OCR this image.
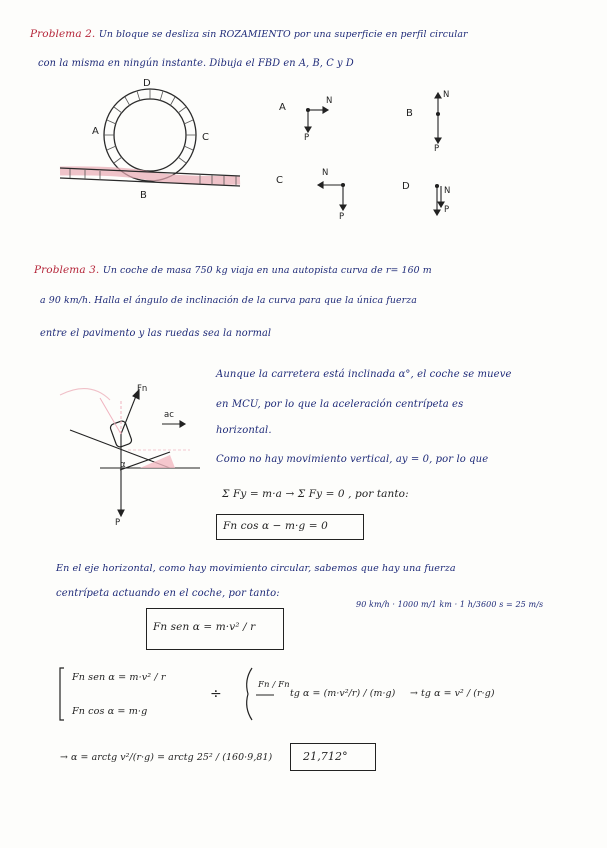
Problema 2. Un bloque se desliza sin ROZAMIENTO por una superficie en perfil circular
con la misma en ningún instante. Dibuja el FBD en A, B, C y D
D
A
C
B
A
N
P
B
N
P
C
N
P
D	N
P
Problema 3. Un coche de masa 750 kg viaja en una autopista curva de r= 160 m
a 90 km/h. Halla el ángulo de inclinación de la curva para que la única fuerza
entre el pavimento y las ruedas sea la normal
Fn
ac
α
P
Aunque la carretera está inclinada α°, el coche se mueve
en MCU, por lo que la aceleración centrípeta es
horizontal.
Como no hay movimiento vertical, ay = 0, por lo que
Σ Fy = m·a → Σ Fy = 0 , por tanto:
Fn cos α − m·g = 0
En el eje horizontal, como hay movimiento circular, sabemos que hay una fuerza
centrípeta actuando en el coche, por tanto:
Fn sen α = m·v² / r
90 km/h · 1000 m/1 km · 1 h/3600 s = 25 m/s
Fn sen α = m·v² / r
Fn cos α = m·g
÷
Fn / Fn
tg α = (m·v²/r) / (m·g) → tg α = v² / (r·g)
→ α = arctg v²/(r·g) = arctg 25² / (160·9,81)	21,712°
